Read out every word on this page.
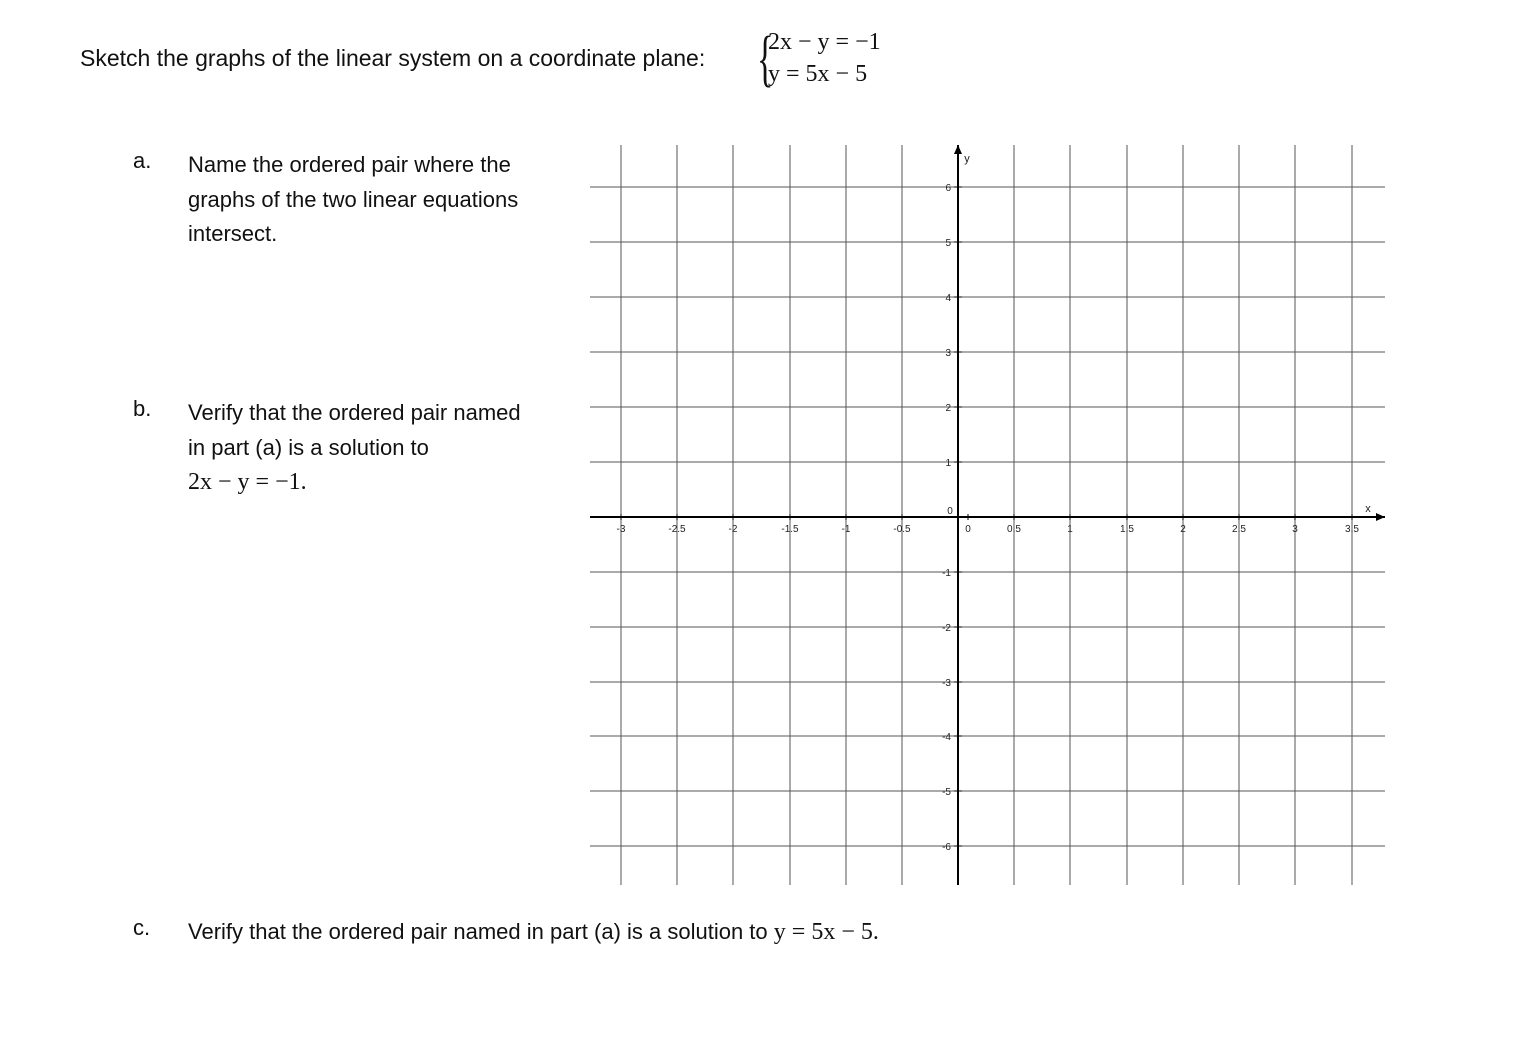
Sketch the graphs of the linear system on a coordinate plane: {
2x − y = −1
y = 5x − 5
a. Name the ordered pair where the
graphs of the two linear equations
intersect.
b. Verify that the ordered pair named
in part (a) is a solution to
2x − y = −1.
c. Verify that the ordered pair named in part (a) is a solution to y = 5x − 5.
-3	-2.5	-2	-1.5	-1	-0.5	0	0.5	1	1.5	2	2.5	3	3.5
6
5
4
3
2
1
-1
-2
-3
-4
-5
-6
0	x
y
